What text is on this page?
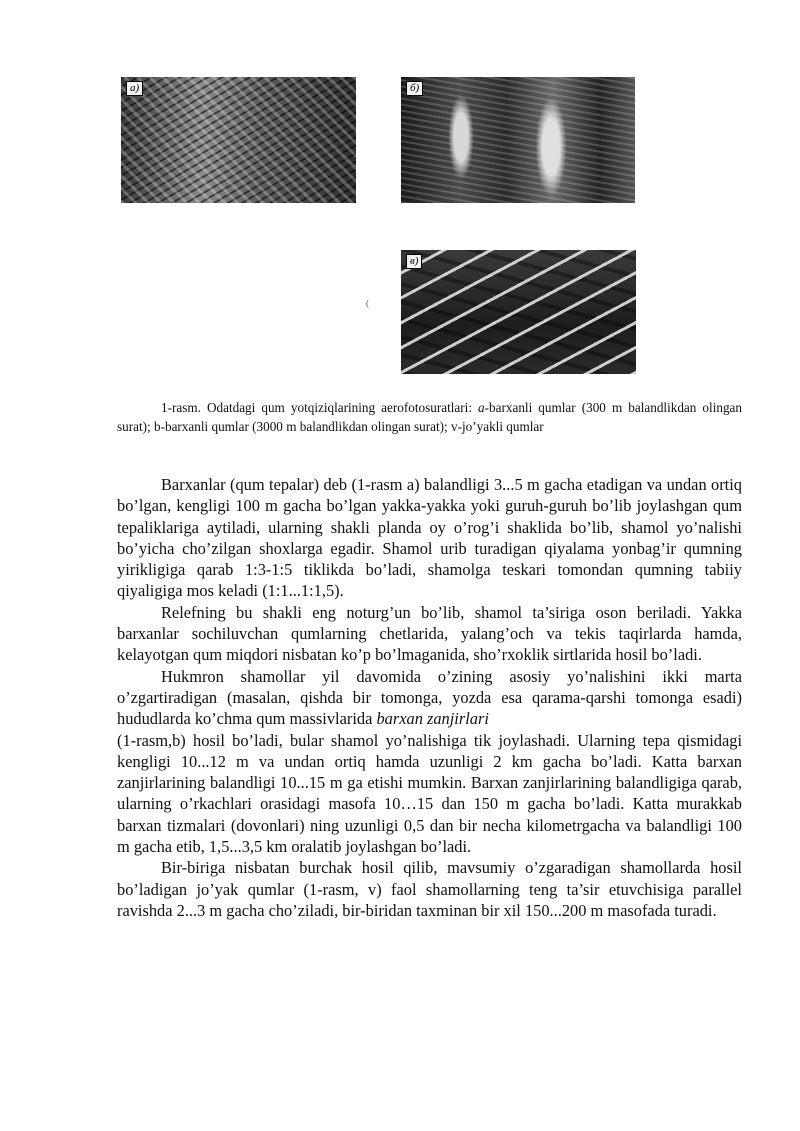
a)	б)
в)
(
1-rasm. Odatdagi qum yotqiziqlarining aerofotosuratlari: a-barxanli qumlar (300 m balandlikdan olingan surat); b-barxanli qumlar (3000 m balandlikdan olingan surat); v-jo’yakli qumlar

Barxanlar (qum tepalar) deb (1-rasm a) balandligi 3...5 m gacha etadigan va undan ortiq bo’lgan, kengligi 100 m gacha bo’lgan yakka-yakka yoki guruh-guruh bo’lib joylashgan qum tepaliklariga aytiladi, ularning shakli planda oy o’rog’i shaklida bo’lib, shamol yo’nalishi bo’yicha cho’zilgan shoxlarga egadir. Shamol urib turadigan qiyalama yonbag’ir qumning yirikligiga qarab 1:3-1:5 tiklikda bo’ladi, shamolga teskari tomondan qumning tabiiy qiyaligiga mos keladi (1:1...1:1,5).

Relefning bu shakli eng noturg’un bo’lib, shamol ta’siriga oson beriladi. Yakka barxanlar sochiluvchan qumlarning chetlarida, yalang’och va tekis taqirlarda hamda, kelayotgan qum miqdori nisbatan ko’p bo’lmaganida, sho’rxoklik sirtlarida hosil bo’ladi.

Hukmron shamollar yil davomida o’zining asosiy yo’nalishini ikki marta o’zgartiradigan (masalan, qishda bir tomonga, yozda esa qarama-qarshi tomonga esadi) hududlarda ko’chma qum massivlarida barxan zanjirlari

(1-rasm,b) hosil bo’ladi, bular shamol yo’nalishiga tik joylashadi. Ularning tepa qismidagi kengligi 10...12 m va undan ortiq hamda uzunligi 2 km gacha bo’ladi. Katta barxan zanjirlarining balandligi 10...15 m ga etishi mumkin. Barxan zanjirlarining balandligiga qarab, ularning o’rkachlari orasidagi masofa 10…15 dan 150 m gacha bo’ladi. Katta murakkab barxan tizmalari (dovonlari) ning uzunligi 0,5 dan bir necha kilometrgacha va balandligi 100 m gacha etib, 1,5...3,5 km oralatib joylashgan bo’ladi.

Bir-biriga nisbatan burchak hosil qilib, mavsumiy o’zgaradigan shamollarda hosil bo’ladigan jo’yak qumlar (1-rasm, v) faol shamollarning teng ta’sir etuvchisiga parallel ravishda 2...3 m gacha cho’ziladi, bir-biridan taxminan bir xil 150...200 m masofada turadi.
